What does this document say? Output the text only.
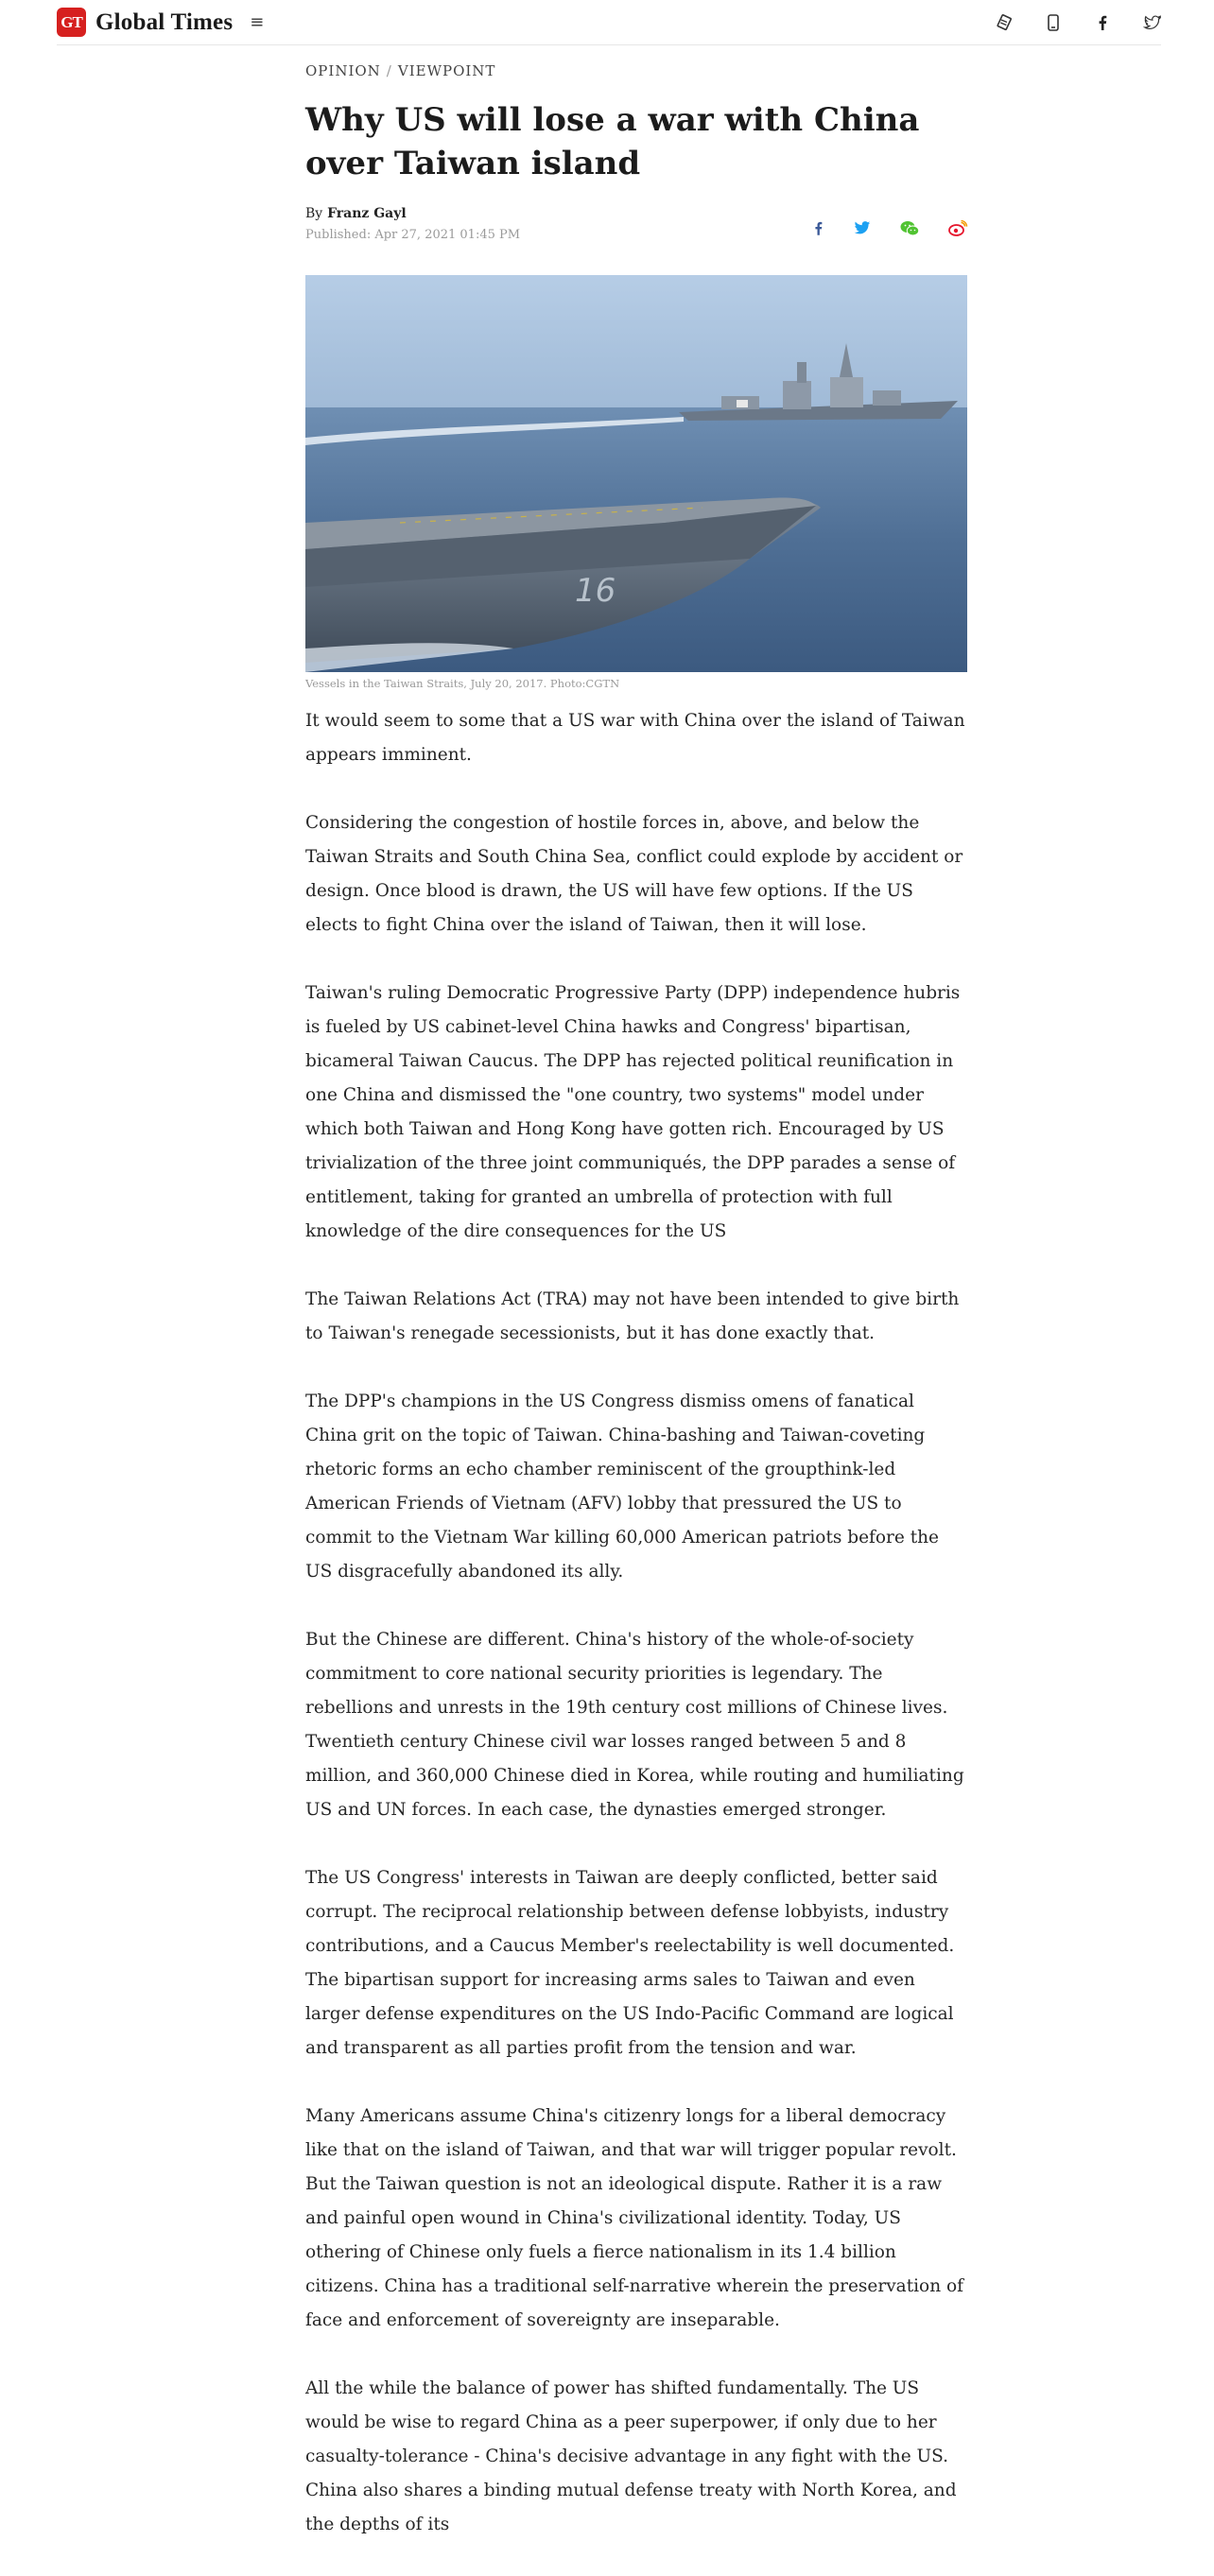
GT Global Times ≡
OPINION / VIEWPOINT
Why US will lose a war with China over Taiwan island
By Franz Gayl
Published: Apr 27, 2021 01:45 PM
16
Vessels in the Taiwan Straits, July 20, 2017. Photo:CGTN

It would seem to some that a US war with China over the island of Taiwan appears imminent.

Considering the congestion of hostile forces in, above, and below the Taiwan Straits and South China Sea, conflict could explode by accident or design. Once blood is drawn, the US will have few options. If the US elects to fight China over the island of Taiwan, then it will lose.

Taiwan's ruling Democratic Progressive Party (DPP) independence hubris is fueled by US cabinet-level China hawks and Congress' bipartisan, bicameral Taiwan Caucus. The DPP has rejected political reunification in one China and dismissed the "one country, two systems" model under which both Taiwan and Hong Kong have gotten rich. Encouraged by US trivialization of the three joint communiqués, the DPP parades a sense of entitlement, taking for granted an umbrella of protection with full knowledge of the dire consequences for the US

The Taiwan Relations Act (TRA) may not have been intended to give birth to Taiwan's renegade secessionists, but it has done exactly that.

The DPP's champions in the US Congress dismiss omens of fanatical China grit on the topic of Taiwan. China-bashing and Taiwan-coveting rhetoric forms an echo chamber reminiscent of the groupthink-led American Friends of Vietnam (AFV) lobby that pressured the US to commit to the Vietnam War killing 60,000 American patriots before the US disgracefully abandoned its ally.

But the Chinese are different. China's history of the whole-of-society commitment to core national security priorities is legendary. The rebellions and unrests in the 19th century cost millions of Chinese lives. Twentieth century Chinese civil war losses ranged between 5 and 8 million, and 360,000 Chinese died in Korea, while routing and humiliating US and UN forces. In each case, the dynasties emerged stronger.

The US Congress' interests in Taiwan are deeply conflicted, better said corrupt. The reciprocal relationship between defense lobbyists, industry contributions, and a Caucus Member's reelectability is well documented. The bipartisan support for increasing arms sales to Taiwan and even larger defense expenditures on the US Indo-Pacific Command are logical and transparent as all parties profit from the tension and war.

Many Americans assume China's citizenry longs for a liberal democracy like that on the island of Taiwan, and that war will trigger popular revolt. But the Taiwan question is not an ideological dispute. Rather it is a raw and painful open wound in China's civilizational identity. Today, US othering of Chinese only fuels a fierce nationalism in its 1.4 billion citizens. China has a traditional self-narrative wherein the preservation of face and enforcement of sovereignty are inseparable.

All the while the balance of power has shifted fundamentally. The US would be wise to regard China as a peer superpower, if only due to her casualty-tolerance - China's decisive advantage in any fight with the US. China also shares a binding mutual defense treaty with North Korea, and the depths of its
